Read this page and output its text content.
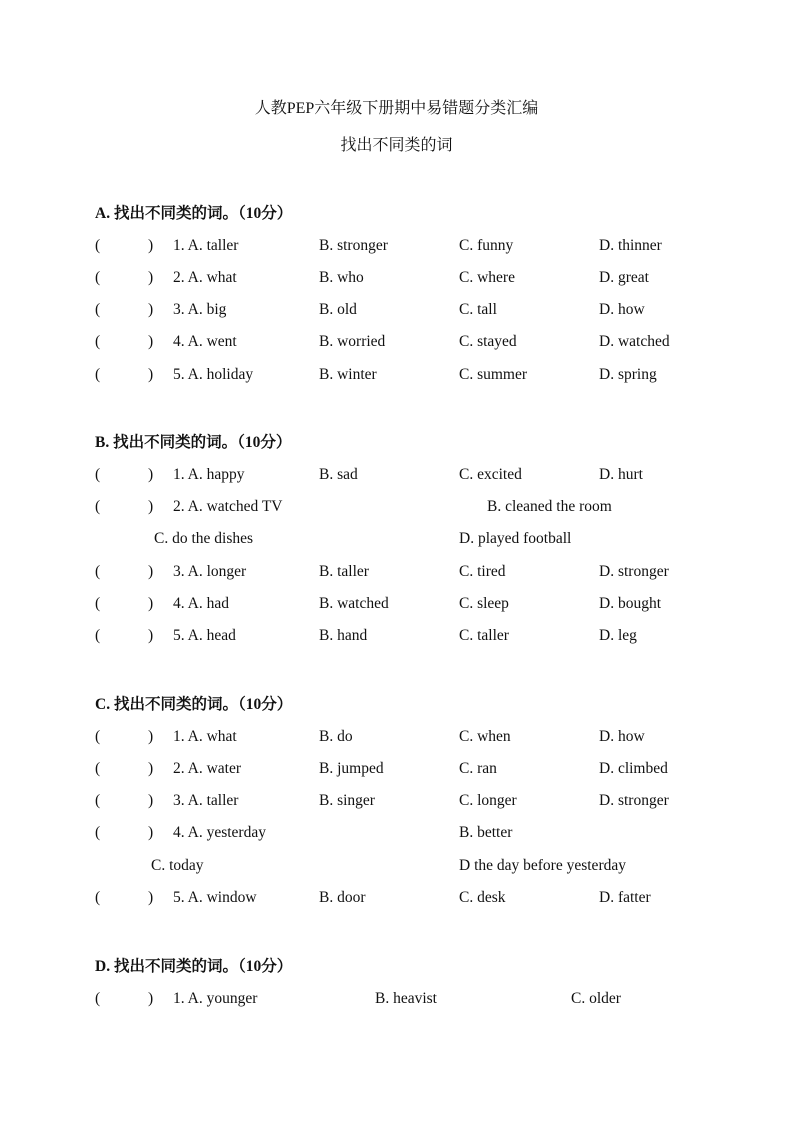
人教PEP六年级下册期中易错题分类汇编
找出不同类的词
A. 找出不同类的词。（10分）
(	) 1. A. taller	B. stronger	C. funny	D. thinner
(	) 2. A. what	B. who	C. where	D. great
(	) 3. A. big	B. old	C. tall	D. how
(	) 4. A. went	B. worried	C. stayed	D. watched
(	) 5. A. holiday	B. winter	C. summer	D. spring
B. 找出不同类的词。（10分）
(	) 1. A. happy	B. sad	C. excited	D. hurt
(	) 2. A. watched TV	B. cleaned the room
C. do the dishes	D. played football
(	) 3. A. longer	B. taller	C. tired	D. stronger
(	) 4. A. had	B. watched	C. sleep	D. bought
(	) 5. A. head	B. hand	C. taller	D. leg
C. 找出不同类的词。（10分）
(	) 1. A. what	B. do	C. when	D. how
(	) 2. A. water	B. jumped	C. ran	D. climbed
(	) 3. A. taller	B. singer	C. longer	D. stronger
(	) 4. A. yesterday	B. better
C. today	D the day before yesterday
(	) 5. A. window	B. door	C. desk	D. fatter
D. 找出不同类的词。（10分）
(	) 1. A. younger	B. heavist	C. older
